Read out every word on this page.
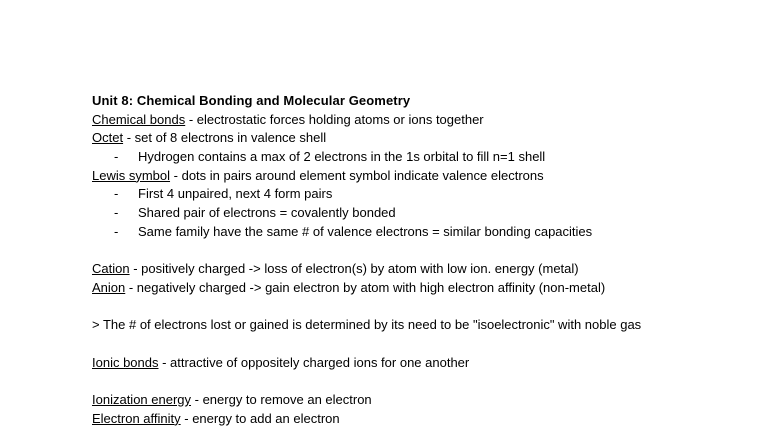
Unit 8: Chemical Bonding and Molecular Geometry
Chemical bonds - electrostatic forces holding atoms or ions together
Octet - set of 8 electrons in valence shell
- Hydrogen contains a max of 2 electrons in the 1s orbital to fill n=1 shell
Lewis symbol - dots in pairs around element symbol indicate valence electrons
- First 4 unpaired, next 4 form pairs
- Shared pair of electrons = covalently bonded
- Same family have the same # of valence electrons = similar bonding capacities
Cation - positively charged -> loss of electron(s) by atom with low ion. energy (metal)
Anion - negatively charged -> gain electron by atom with high electron affinity (non-metal)
> The # of electrons lost or gained is determined by its need to be "isoelectronic" with noble gas
Ionic bonds - attractive of oppositely charged ions for one another
Ionization energy - energy to remove an electron
Electron affinity - energy to add an electron
